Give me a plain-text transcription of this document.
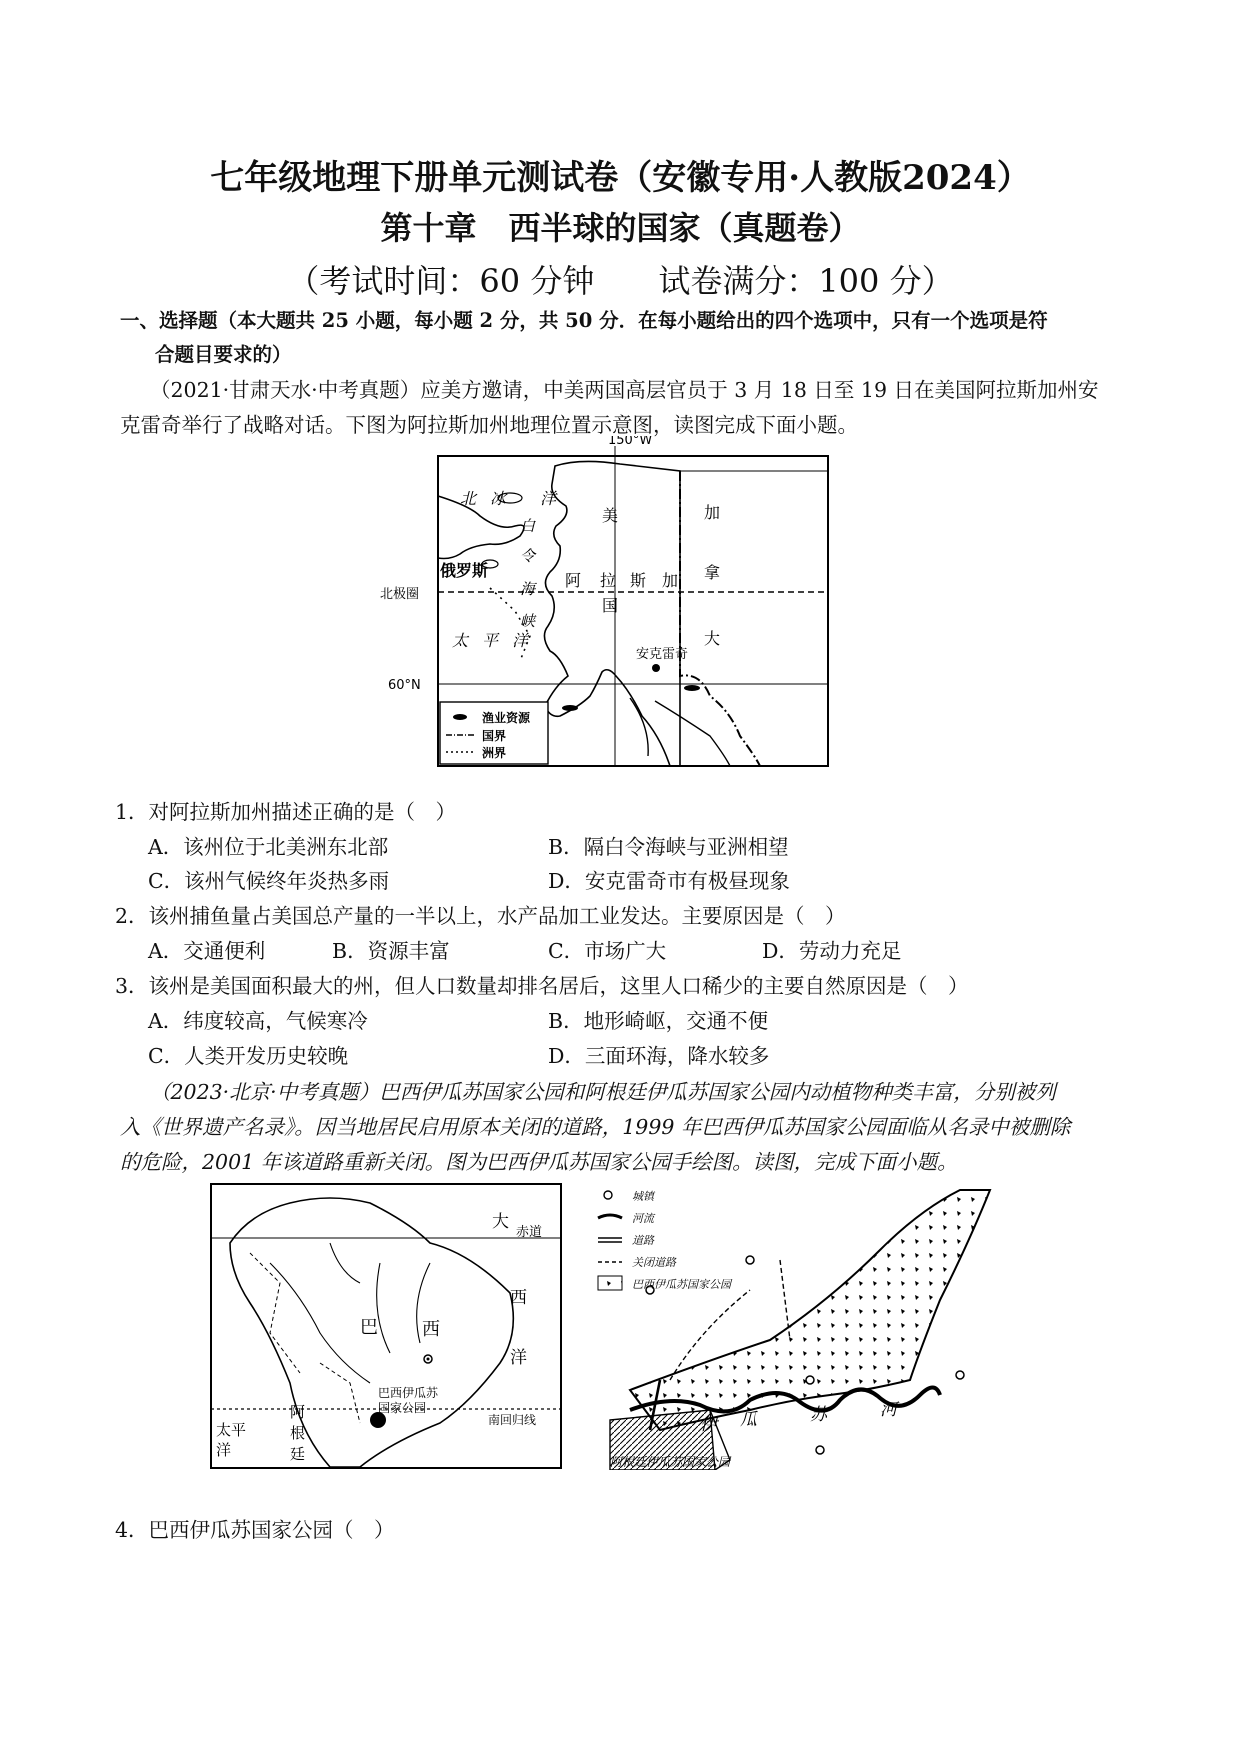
七年级地理下册单元测试卷（安徽专用·人教版2024）
第十章　西半球的国家（真题卷）
（考试时间：60 分钟　　试卷满分：100 分）
一、选择题（本大题共 25 小题，每小题 2 分，共 50 分．在每小题给出的四个选项中，只有一个选项是符
合题目要求的）
（2021·甘肃天水·中考真题）应美方邀请，中美两国高层官员于 3 月 18 日至 19 日在美国阿拉斯加州安
克雷奇举行了战略对话。下图为阿拉斯加州地理位置示意图，读图完成下面小题。
150°W
北极圈
60°N
北 冰 洋
白
令
海
峡
俄罗斯
阿 拉 斯 加
美
国
加
拿
大
太 平 洋
安克雷奇
渔业资源
国界
洲界
1．对阿拉斯加州描述正确的是（　）
A．该州位于北美洲东北部	B．隔白令海峡与亚洲相望
C．该州气候终年炎热多雨	D．安克雷奇市有极昼现象
2．该州捕鱼量占美国总产量的一半以上，水产品加工业发达。主要原因是（　）
A．交通便利	B．资源丰富	C．市场广大	D．劳动力充足
3．该州是美国面积最大的州，但人口数量却排名居后，这里人口稀少的主要自然原因是（　）
A．纬度较高，气候寒冷	B．地形崎岖，交通不便
C．人类开发历史较晚	D．三面环海，降水较多
（2023·北京·中考真题）巴西伊瓜苏国家公园和阿根廷伊瓜苏国家公园内动植物种类丰富，分别被列
入《世界遗产名录》。因当地居民启用原本关闭的道路，1999 年巴西伊瓜苏国家公园面临从名录中被删除
的危险，2001 年该道路重新关闭。图为巴西伊瓜苏国家公园手绘图。读图，完成下面小题。
大
西
洋
赤道
巴 西
巴西伊瓜苏
国家公园
南回归线
太平
洋
阿
根
廷
城镇
河流
道路
关闭道路
巴西伊瓜苏国家公园
伊 瓜	苏	河
阿根廷伊瓜苏国家公园
4．巴西伊瓜苏国家公园（　）
